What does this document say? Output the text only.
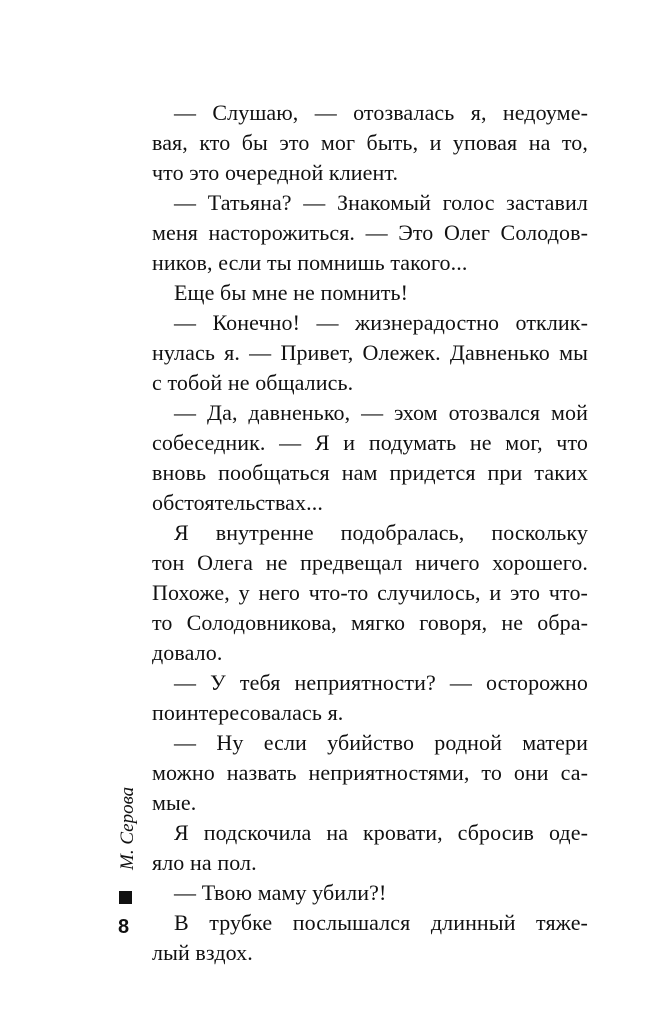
— Слушаю, — отозвалась я, недоуме-
вая, кто бы это мог быть, и уповая на то,
что это очередной клиент.
— Татьяна? — Знакомый голос заставил
меня насторожиться. — Это Олег Солодов-
ников, если ты помнишь такого...
Еще бы мне не помнить!
— Конечно! — жизнерадостно отклик-
нулась я. — Привет, Олежек. Давненько мы
с тобой не общались.
— Да, давненько, — эхом отозвался мой
собеседник. — Я и подумать не мог, что
вновь пообщаться нам придется при таких
обстоятельствах...
Я внутренне подобралась, поскольку
тон Олега не предвещал ничего хорошего.
Похоже, у него что-то случилось, и это что-
то Солодовникова, мягко говоря, не обра-
довало.
— У тебя неприятности? — осторожно
поинтересовалась я.
— Ну если убийство родной матери
можно назвать неприятностями, то они са-
мые.
Я подскочила на кровати, сбросив оде-
яло на пол.
— Твою маму убили?!
В трубке послышался длинный тяже-
лый вздох.
М. Серова
8
